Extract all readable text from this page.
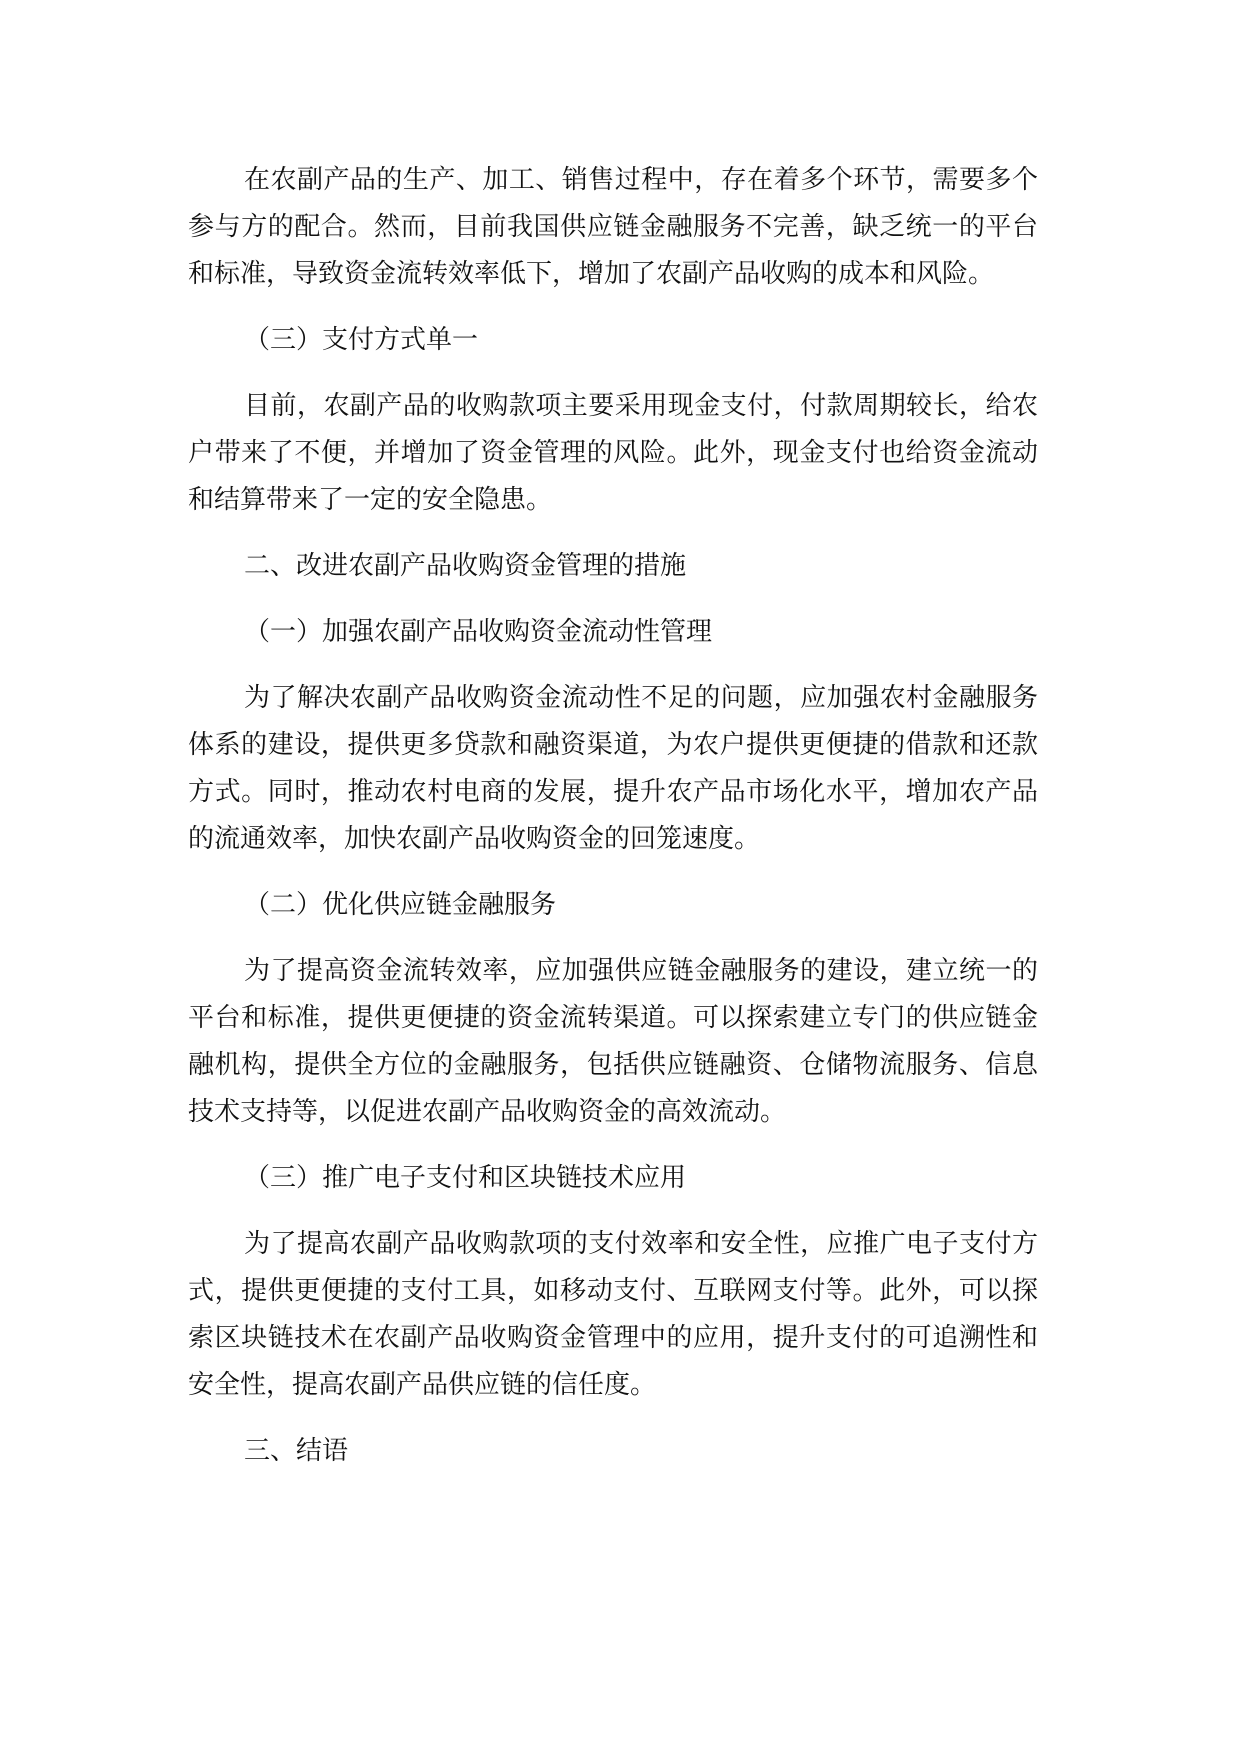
在农副产品的生产、加工、销售过程中，存在着多个环节，需要多个参与方的配合。然而，目前我国供应链金融服务不完善，缺乏统一的平台和标准，导致资金流转效率低下，增加了农副产品收购的成本和风险。

（三）支付方式单一

目前，农副产品的收购款项主要采用现金支付，付款周期较长，给农户带来了不便，并增加了资金管理的风险。此外，现金支付也给资金流动和结算带来了一定的安全隐患。

二、改进农副产品收购资金管理的措施

（一）加强农副产品收购资金流动性管理

为了解决农副产品收购资金流动性不足的问题，应加强农村金融服务体系的建设，提供更多贷款和融资渠道，为农户提供更便捷的借款和还款方式。同时，推动农村电商的发展，提升农产品市场化水平，增加农产品的流通效率，加快农副产品收购资金的回笼速度。

（二）优化供应链金融服务

为了提高资金流转效率，应加强供应链金融服务的建设，建立统一的平台和标准，提供更便捷的资金流转渠道。可以探索建立专门的供应链金融机构，提供全方位的金融服务，包括供应链融资、仓储物流服务、信息技术支持等，以促进农副产品收购资金的高效流动。

（三）推广电子支付和区块链技术应用

为了提高农副产品收购款项的支付效率和安全性，应推广电子支付方式，提供更便捷的支付工具，如移动支付、互联网支付等。此外，可以探索区块链技术在农副产品收购资金管理中的应用，提升支付的可追溯性和安全性，提高农副产品供应链的信任度。

三、结语
